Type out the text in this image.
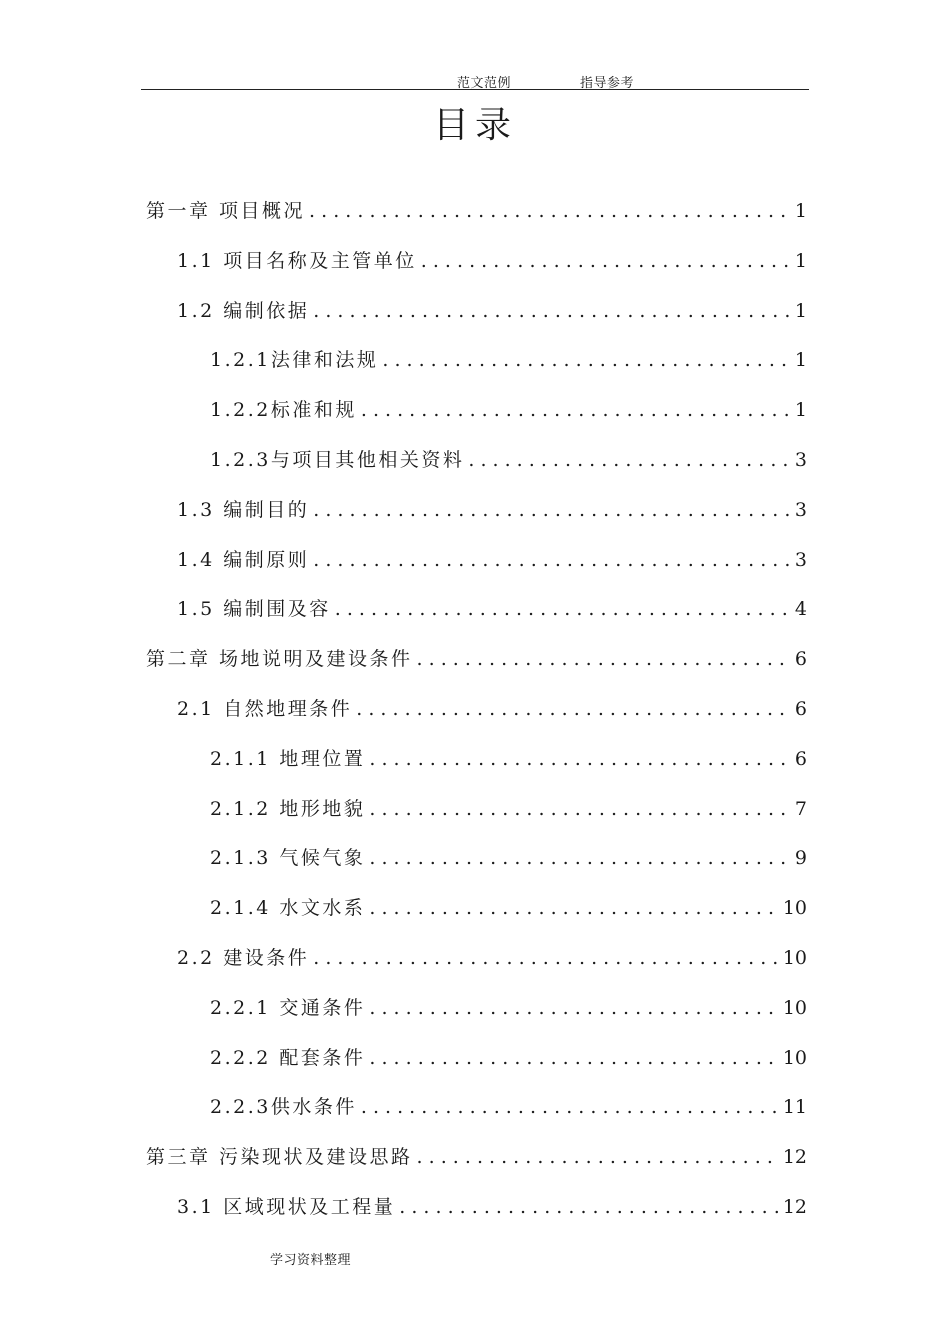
范文范例	指导参考
目录
第一章 项目概况 . . .	1
1.1 项目名称及主管单位 . . .	1
1.2 编制依据 . . .	1
1.2.1法律和法规 . . .	1
1.2.2标准和规 . . .	1
1.2.3与项目其他相关资料 . . .	3
1.3 编制目的 . . .	3
1.4 编制原则 . . .	3
1.5 编制围及容 . . .	4
第二章 场地说明及建设条件 . . .	6
2.1 自然地理条件 . . .	6
2.1.1 地理位置 . . .	6
2.1.2 地形地貌 . . .	7
2.1.3 气候气象 . . .	9
2.1.4 水文水系 . . .	10
2.2 建设条件 . . .	10
2.2.1 交通条件 . . .	10
2.2.2 配套条件 . . .	10
2.2.3供水条件 . . .	11
第三章 污染现状及建设思路 . . .	12
3.1 区域现状及工程量 . . .	12
学习资料整理
